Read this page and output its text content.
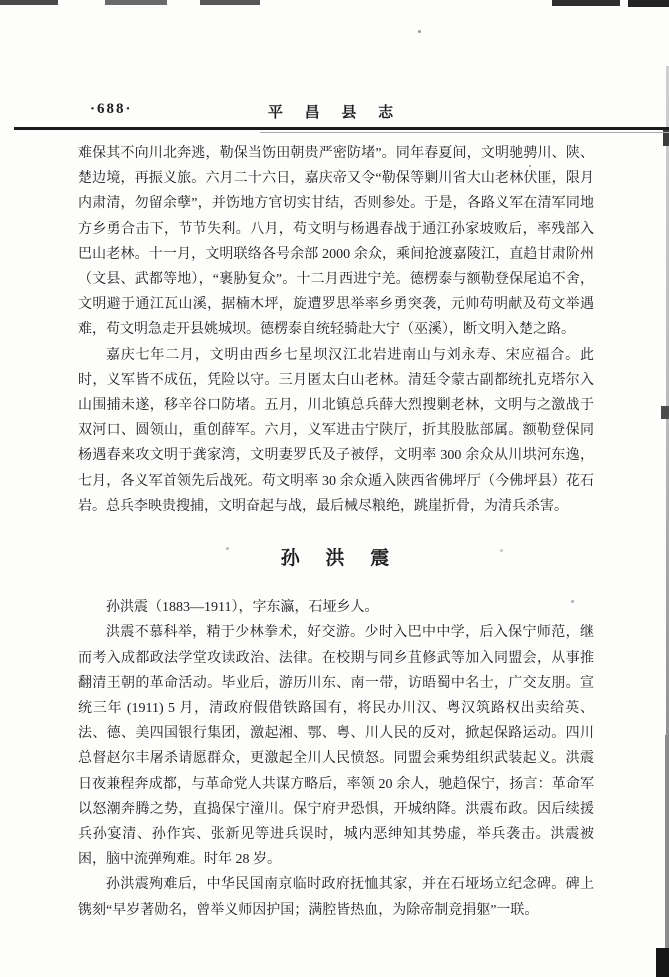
·688·	平 昌 县 志

难保其不向川北奔逃，勒保当饬田朝贵严密防堵”。同年春夏间，文明驰骋川、陕、楚边境，再振义旅。六月二十六日，嘉庆帝又令“勒保等剿川省大山老林伏匪，限月内肃清，勿留余孽”，并饬地方官切实甘结，否则参处。于是，各路义军在清军同地方乡勇合击下，节节失利。八月，苟文明与杨遇春战于通江孙家坡败后，率残部入巴山老林。十一月，文明联络各号余部 2000 余众，乘间抢渡嘉陵江，直趋甘肃阶州（文县、武都等地），“裹胁复众”。十二月西进宁羌。德楞泰与额勒登保尾追不舍，文明避于通江瓦山溪，据楠木坪，旋遭罗思举率乡勇突袭，元帅苟明献及苟文举遇难，苟文明急走开县姚城坝。德楞泰自统轻骑赴大宁（巫溪），断文明入楚之路。

嘉庆七年二月，文明由西乡七星坝汉江北岩进南山与刘永寿、宋应福合。此时，义军皆不成伍，凭险以守。三月匿太白山老林。清廷令蒙古副都统扎克塔尔入山围捕未遂，移辛谷口防堵。五月，川北镇总兵薛大烈搜剿老林，文明与之激战于双河口、圆领山，重创薛军。六月，义军进击宁陕厅，折其股肱部属。额勒登保同杨遇春来攻文明于龚家湾，文明妻罗氏及子被俘，文明率 300 余众从川垬河东逸，七月，各义军首领先后战死。苟文明率 30 余众遁入陕西省佛坪厅（今佛坪县）花石岩。总兵李映贵搜捕，文明奋起与战，最后械尽粮绝，跳崖折骨，为清兵杀害。

孙 洪 震

孙洪震（1883—1911），字东瀛，石垭乡人。

洪震不慕科举，精于少林拳术，好交游。少时入巴中中学，后入保宁师范，继而考入成都政法学堂攻读政治、法律。在校期与同乡苴修武等加入同盟会，从事推翻清王朝的革命活动。毕业后，游历川东、南一带，访晤蜀中名士，广交友朋。宣统三年 (1911) 5 月，清政府假借铁路国有，将民办川汉、粤汉筑路权出卖给英、法、德、美四国银行集团，激起湘、鄂、粤、川人民的反对，掀起保路运动。四川总督赵尔丰屠杀请愿群众，更激起全川人民愤怒。同盟会乘势组织武装起义。洪震日夜兼程奔成都，与革命党人共谋方略后，率领 20 余人，驰趋保宁，扬言：革命军以怒潮奔腾之势，直捣保宁潼川。保宁府尹恐惧，开城纳降。洪震布政。因后续援兵孙宴清、孙作宾、张新见等进兵误时，城内恶绅知其势虚，举兵袭击。洪震被困，脑中流弹殉难。时年 28 岁。

孙洪震殉难后，中华民国南京临时政府抚恤其家，并在石垭场立纪念碑。碑上镌刻“早岁著勋名，曾举义师因护国；满腔皆热血，为除帝制竞捐躯”一联。
